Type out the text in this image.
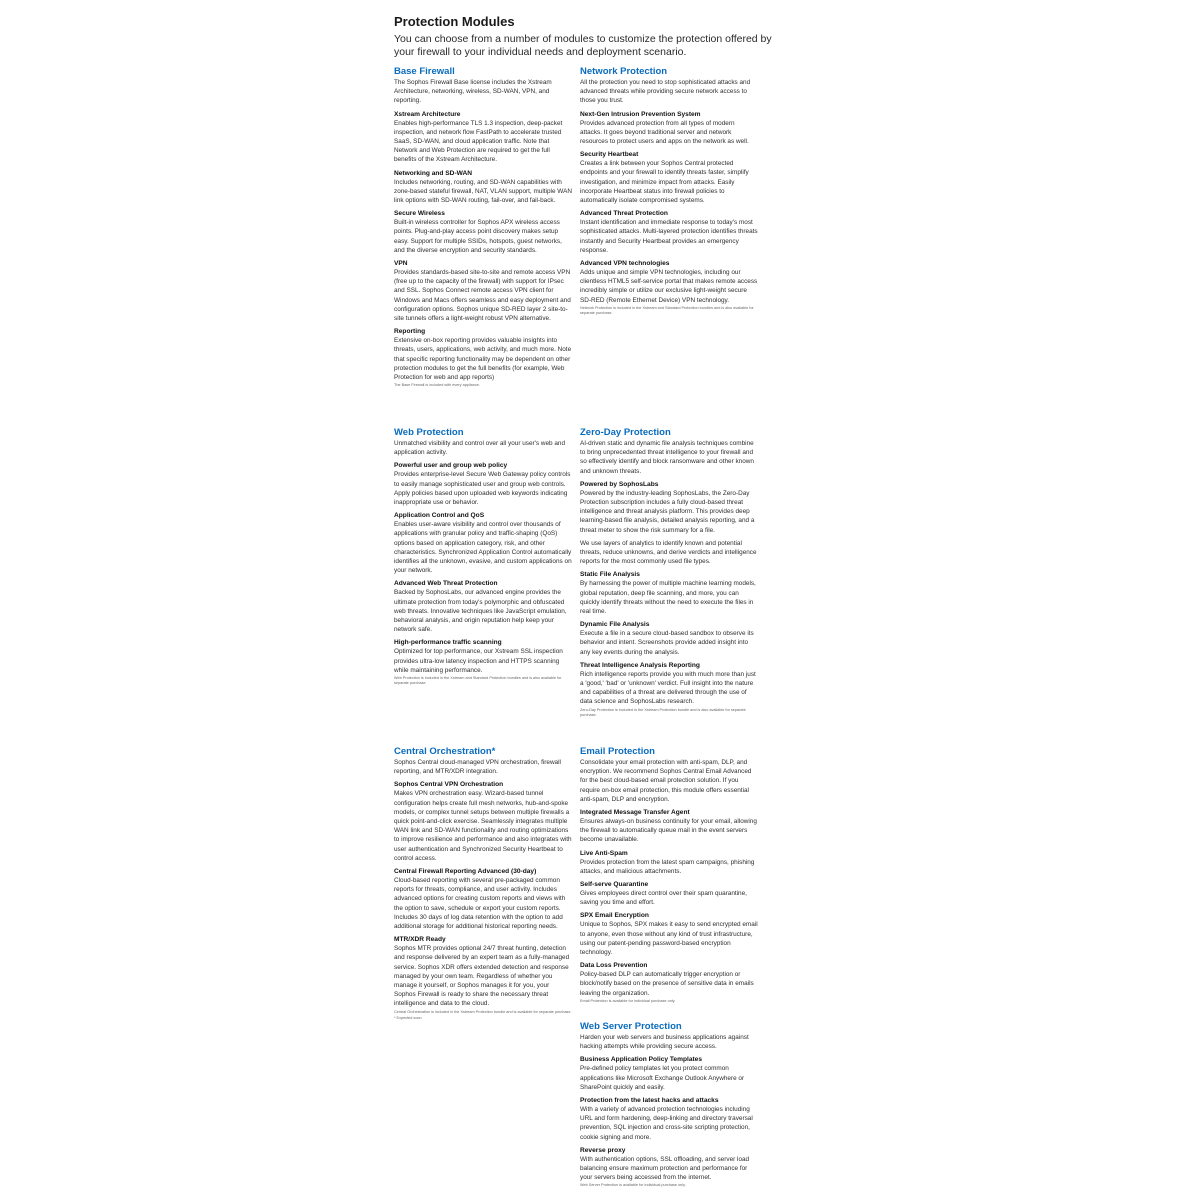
Protection Modules

You can choose from a number of modules to customize the protection offered by your firewall to your individual needs and deployment scenario.

Base Firewall

The Sophos Firewall Base license includes the Xstream Architecture, networking, wireless, SD-WAN, VPN, and reporting.

Xstream Architecture

Enables high-performance TLS 1.3 inspection, deep-packet inspection, and network flow FastPath to accelerate trusted SaaS, SD-WAN, and cloud application traffic. Note that Network and Web Protection are required to get the full benefits of the Xstream Architecture.

Networking and SD-WAN

Includes networking, routing, and SD-WAN capabilities with zone-based stateful firewall, NAT, VLAN support, multiple WAN link options with SD-WAN routing, fail-over, and fail-back.

Secure Wireless

Built-in wireless controller for Sophos APX wireless access points. Plug-and-play access point discovery makes setup easy. Support for multiple SSIDs, hotspots, guest networks, and the diverse encryption and security standards.

VPN

Provides standards-based site-to-site and remote access VPN (free up to the capacity of the firewall) with support for IPsec and SSL. Sophos Connect remote access VPN client for Windows and Macs offers seamless and easy deployment and configuration options. Sophos unique SD-RED layer 2 site-to-site tunnels offers a light-weight robust VPN alternative.

Reporting

Extensive on-box reporting provides valuable insights into threats, users, applications, web activity, and much more. Note that specific reporting functionality may be dependent on other protection modules to get the full benefits (for example, Web Protection for web and app reports)

The Base Firewall is included with every appliance.

Network Protection

All the protection you need to stop sophisticated attacks and advanced threats while providing secure network access to those you trust.

Next-Gen Intrusion Prevention System

Provides advanced protection from all types of modern attacks. It goes beyond traditional server and network resources to protect users and apps on the network as well.

Security Heartbeat

Creates a link between your Sophos Central protected endpoints and your firewall to identify threats faster, simplify investigation, and minimize impact from attacks. Easily incorporate Heartbeat status into firewall policies to automatically isolate compromised systems.

Advanced Threat Protection

Instant identification and immediate response to today's most sophisticated attacks. Multi-layered protection identifies threats instantly and Security Heartbeat provides an emergency response.

Advanced VPN technologies

Adds unique and simple VPN technologies, including our clientless HTML5 self-service portal that makes remote access incredibly simple or utilize our exclusive light-weight secure SD-RED (Remote Ethernet Device) VPN technology.

Network Protection is included in the Xstream and Standard Protection bundles and is also available for separate purchase.

Web Protection

Unmatched visibility and control over all your user's web and application activity.

Powerful user and group web policy

Provides enterprise-level Secure Web Gateway policy controls to easily manage sophisticated user and group web controls. Apply policies based upon uploaded web keywords indicating inappropriate use or behavior.

Application Control and QoS

Enables user-aware visibility and control over thousands of applications with granular policy and traffic-shaping (QoS) options based on application category, risk, and other characteristics. Synchronized Application Control automatically identifies all the unknown, evasive, and custom applications on your network.

Advanced Web Threat Protection

Backed by SophosLabs, our advanced engine provides the ultimate protection from today's polymorphic and obfuscated web threats. Innovative techniques like JavaScript emulation, behavioral analysis, and origin reputation help keep your network safe.

High-performance traffic scanning

Optimized for top performance, our Xstream SSL inspection provides ultra-low latency inspection and HTTPS scanning while maintaining performance.

Web Protection is included in the Xstream and Standard Protection bundles and is also available for separate purchase.

Zero-Day Protection

AI-driven static and dynamic file analysis techniques combine to bring unprecedented threat intelligence to your firewall and so effectively identify and block ransomware and other known and unknown threats.

Powered by SophosLabs

Powered by the industry-leading SophosLabs, the Zero-Day Protection subscription includes a fully cloud-based threat intelligence and threat analysis platform. This provides deep learning-based file analysis, detailed analysis reporting, and a threat meter to show the risk summary for a file.

We use layers of analytics to identify known and potential threats, reduce unknowns, and derive verdicts and intelligence reports for the most commonly used file types.

Static File Analysis

By harnessing the power of multiple machine learning models, global reputation, deep file scanning, and more, you can quickly identify threats without the need to execute the files in real time.

Dynamic File Analysis

Execute a file in a secure cloud-based sandbox to observe its behavior and intent. Screenshots provide added insight into any key events during the analysis.

Threat Intelligence Analysis Reporting

Rich intelligence reports provide you with much more than just a 'good,' 'bad' or 'unknown' verdict. Full insight into the nature and capabilities of a threat are delivered through the use of data science and SophosLabs research.

Zero-Day Protection is included in the Xstream Protection bundle and is also available for separate purchase.

Central Orchestration*

Sophos Central cloud-managed VPN orchestration, firewall reporting, and MTR/XDR integration.

Sophos Central VPN Orchestration

Makes VPN orchestration easy. Wizard-based tunnel configuration helps create full mesh networks, hub-and-spoke models, or complex tunnel setups between multiple firewalls a quick point-and-click exercise. Seamlessly integrates multiple WAN link and SD-WAN functionality and routing optimizations to improve resilience and performance and also integrates with user authentication and Synchronized Security Heartbeat to control access.

Central Firewall Reporting Advanced (30-day)

Cloud-based reporting with several pre-packaged common reports for threats, compliance, and user activity. Includes advanced options for creating custom reports and views with the option to save, schedule or export your custom reports. Includes 30 days of log data retention with the option to add additional storage for additional historical reporting needs.

MTR/XDR Ready

Sophos MTR provides optional 24/7 threat hunting, detection and response delivered by an expert team as a fully-managed service. Sophos XDR offers extended detection and response managed by your own team. Regardless of whether you manage it yourself, or Sophos manages it for you, your Sophos Firewall is ready to share the necessary threat intelligence and data to the cloud.

Central Orchestration is included in the Xstream Protection bundle and is available for separate purchase.

* Expected soon

Email Protection

Consolidate your email protection with anti-spam, DLP, and encryption. We recommend Sophos Central Email Advanced for the best cloud-based email protection solution. If you require on-box email protection, this module offers essential anti-spam, DLP and encryption.

Integrated Message Transfer Agent

Ensures always-on business continuity for your email, allowing the firewall to automatically queue mail in the event servers become unavailable.

Live Anti-Spam

Provides protection from the latest spam campaigns, phishing attacks, and malicious attachments.

Self-serve Quarantine

Gives employees direct control over their spam quarantine, saving you time and effort.

SPX Email Encryption

Unique to Sophos, SPX makes it easy to send encrypted email to anyone, even those without any kind of trust infrastructure, using our patent-pending password-based encryption technology.

Data Loss Prevention

Policy-based DLP can automatically trigger encryption or block/notify based on the presence of sensitive data in emails leaving the organization.

Email Protection is available for individual purchase only.

Web Server Protection

Harden your web servers and business applications against hacking attempts while providing secure access.

Business Application Policy Templates

Pre-defined policy templates let you protect common applications like Microsoft Exchange Outlook Anywhere or SharePoint quickly and easily.

Protection from the latest hacks and attacks

With a variety of advanced protection technologies including URL and form hardening, deep-linking and directory traversal prevention, SQL injection and cross-site scripting protection, cookie signing and more.

Reverse proxy

With authentication options, SSL offloading, and server load balancing ensure maximum protection and performance for your servers being accessed from the internet.

Web Server Protection is available for individual purchase only.
